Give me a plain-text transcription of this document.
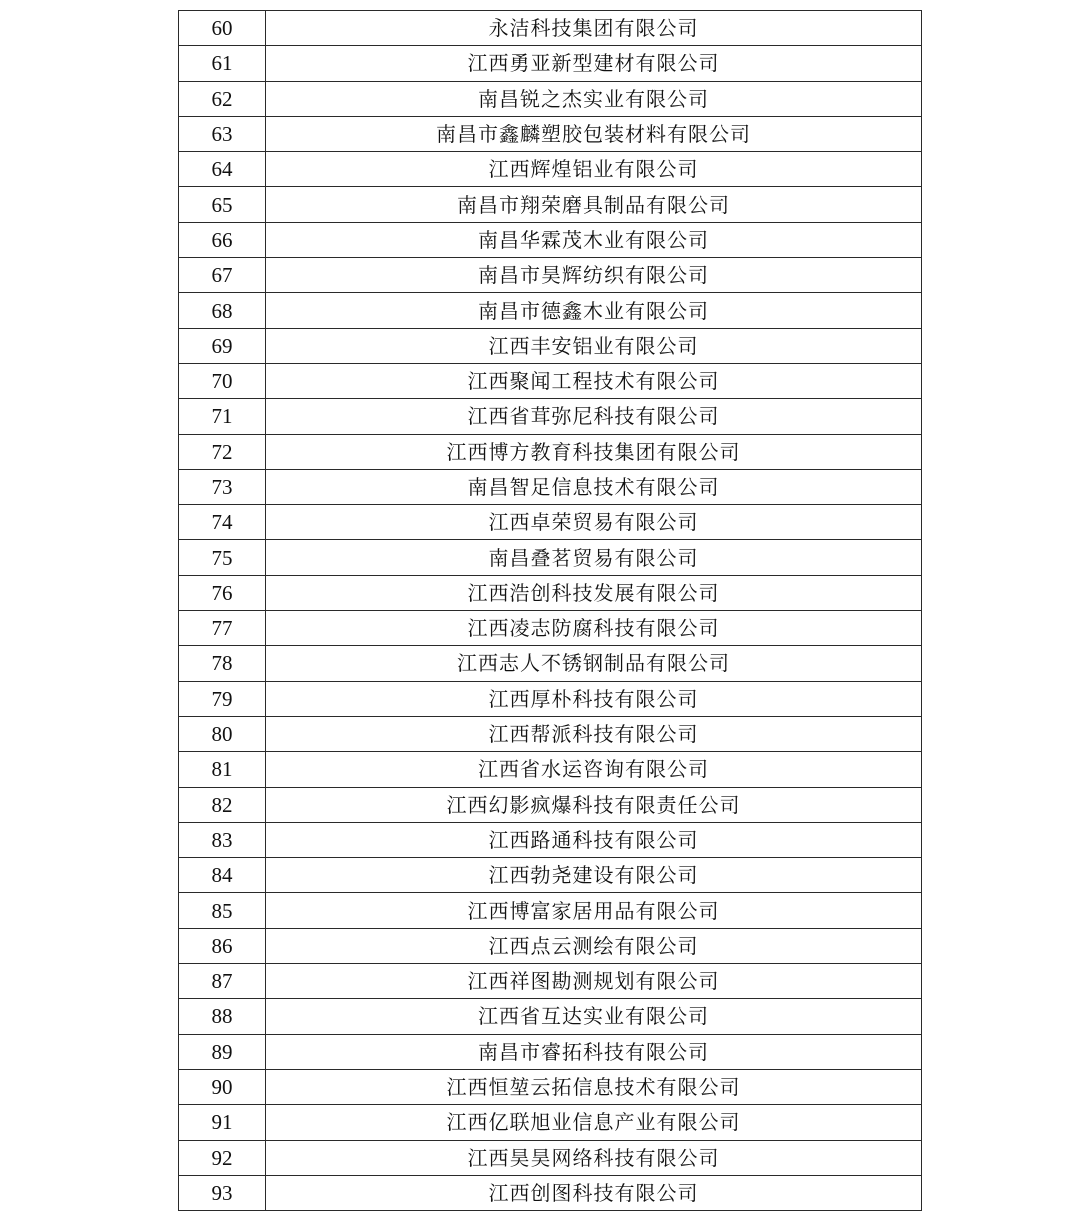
60	永洁科技集团有限公司
61	江西勇亚新型建材有限公司
62	南昌锐之杰实业有限公司
63	南昌市鑫麟塑胶包装材料有限公司
64	江西辉煌铝业有限公司
65	南昌市翔荣磨具制品有限公司
66	南昌华霖茂木业有限公司
67	南昌市昊辉纺织有限公司
68	南昌市德鑫木业有限公司
69	江西丰安铝业有限公司
70	江西聚闻工程技术有限公司
71	江西省茸弥尼科技有限公司
72	江西博方教育科技集团有限公司
73	南昌智足信息技术有限公司
74	江西卓荣贸易有限公司
75	南昌叠茗贸易有限公司
76	江西浩创科技发展有限公司
77	江西凌志防腐科技有限公司
78	江西志人不锈钢制品有限公司
79	江西厚朴科技有限公司
80	江西帮派科技有限公司
81	江西省水运咨询有限公司
82	江西幻影疯爆科技有限责任公司
83	江西路通科技有限公司
84	江西勃尧建设有限公司
85	江西博富家居用品有限公司
86	江西点云测绘有限公司
87	江西祥图勘测规划有限公司
88	江西省互达实业有限公司
89	南昌市睿拓科技有限公司
90	江西恒堃云拓信息技术有限公司
91	江西亿联旭业信息产业有限公司
92	江西昊昊网络科技有限公司
93	江西创图科技有限公司
